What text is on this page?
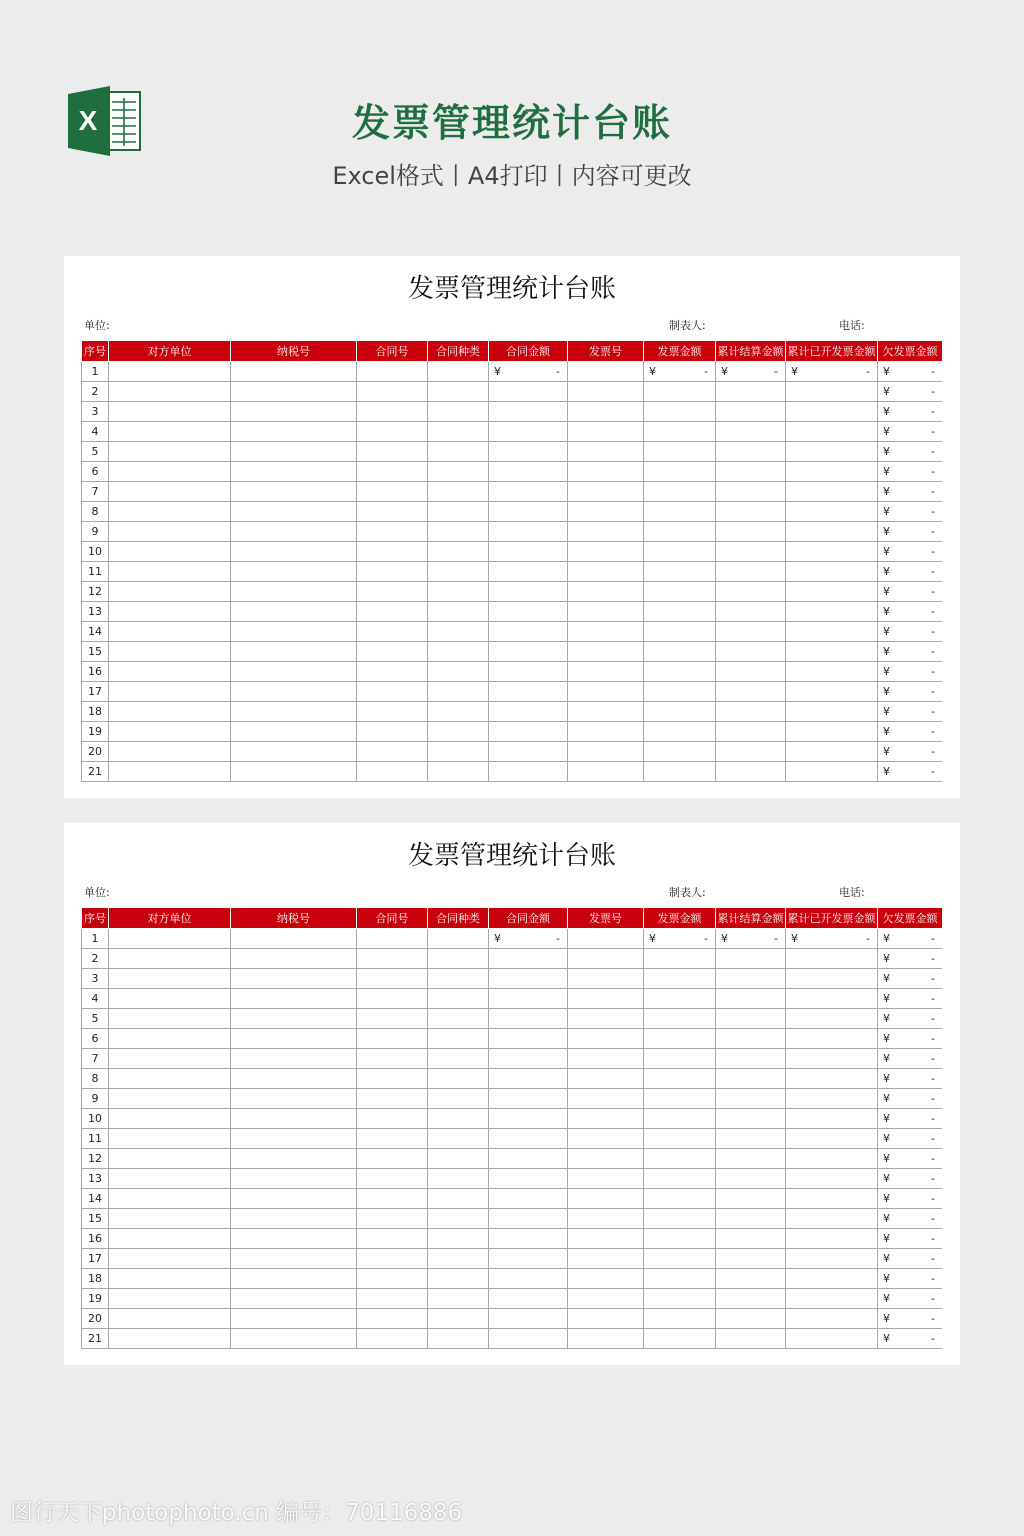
X	发票管理统计台账
Excel格式丨A4打印丨内容可更改
发票管理统计台账
单位:	制表人:	电话:
序号	对方单位	纳税号	合同号	合同种类	合同金额	发票号	发票金额	累计结算金额	累计已开发票金额	欠发票金额
1					¥ -		¥ -	¥ -	¥ -	¥ -

2										¥ -

3										¥ -

4										¥ -

5										¥ -

6										¥ -

7										¥ -

8										¥ -

9										¥ -

10										¥ -

11										¥ -

12										¥ -

13										¥ -

14										¥ -

15										¥ -

16										¥ -

17										¥ -

18										¥ -

19										¥ -

20										¥ -

21										¥ -
发票管理统计台账
单位:	制表人:	电话:
序号	对方单位	纳税号	合同号	合同种类	合同金额	发票号	发票金额	累计结算金额	累计已开发票金额	欠发票金额
1					¥ -		¥ -	¥ -	¥ -	¥ -

2										¥ -

3										¥ -

4										¥ -

5										¥ -

6										¥ -

7										¥ -

8										¥ -

9										¥ -

10										¥ -

11										¥ -

12										¥ -

13										¥ -

14										¥ -

15										¥ -

16										¥ -

17										¥ -

18										¥ -

19										¥ -

20										¥ -

21										¥ -
图行天下photophoto.cn 编号：70116886
